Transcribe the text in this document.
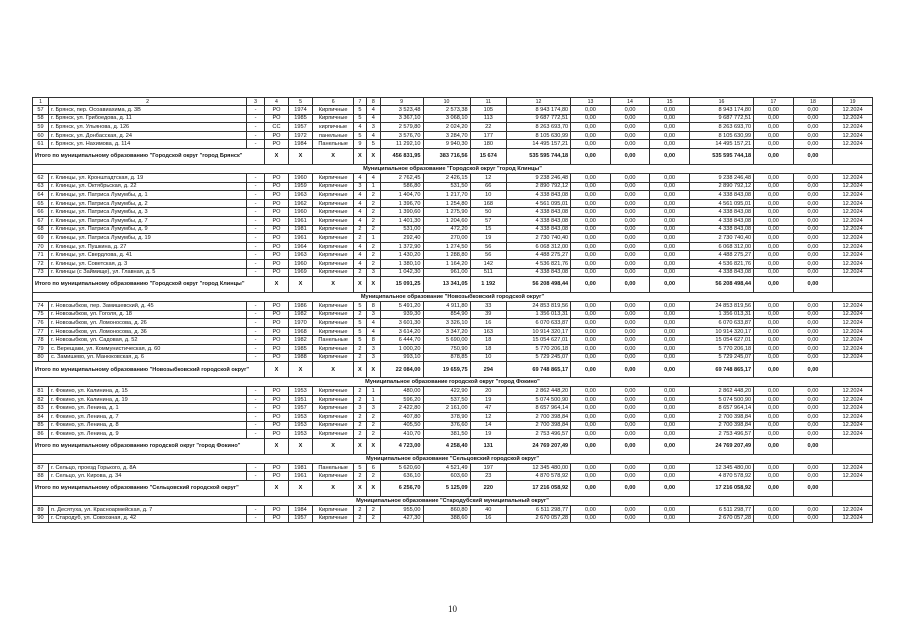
1	2	3	4	5	6	7	8	9	10	11	12	13	14	15	16	17	18	19
57	г. Брянск, пер. Осоавиахима, д. 3В	-	РО	1974	Кирпичные	5	4	3 523,48	2 573,38	105	8 943 174,80	0,00	0,00	0,00	8 943 174,80	0,00	0,00	12.2024
58	г. Брянск, ул. Грибоедова, д. 11	-	РО	1985	Кирпичные	5	4	3 367,10	3 068,10	113	9 687 772,51	0,00	0,00	0,00	9 687 772,51	0,00	0,00	12.2024
59	г. Брянск, ул. Ульянова, д. 126	-	СС	1957	кирпичные	4	3	2 579,80	2 024,20	22	8 263 693,70	0,00	0,00	0,00	8 263 693,70	0,00	0,00	12.2024
60	г. Брянск, ул. Донбасская, д. 24	-	РО	1972	панельные	5	4	3 576,70	3 284,70	177	8 105 630,99	0,00	0,00	0,00	8 105 630,99	0,00	0,00	12.2024
61	г. Брянск, ул. Нахимова, д. 114	-	РО	1984	Панельные	9	5	11 292,10	9 940,30	180	14 495 157,21	0,00	0,00	0,00	14 495 157,21	0,00	0,00	12.2024
Итого по муниципальному образованию "Городской округ "город Брянск"			Х	Х	Х	Х	Х	456 831,95	383 716,56	15 674	535 595 744,18	0,00	0,00	0,00	535 595 744,18	0,00	0,00	
Муниципальное образование "Городской округ "город Клинцы"																		
62	г. Клинцы, ул. Кронштадтская, д. 19	-	РО	1960	Кирпичные	4	4	2 762,45	2 426,15	12	9 238 246,48	0,00	0,00	0,00	9 238 246,48	0,00	0,00	12.2024
63	г. Клинцы, ул. Октябрьская, д. 22	-	РО	1959	Кирпичные	3	1	586,80	531,50	66	2 890 792,12	0,00	0,00	0,00	2 890 792,12	0,00	0,00	12.2024
64	г. Клинцы, ул. Патриса Лумумбы, д. 1	-	РО	1963	Кирпичные	4	2	1 404,70	1 217,70	10	4 338 843,08	0,00	0,00	0,00	4 338 843,08	0,00	0,00	12.2024
65	г. Клинцы, ул. Патриса Лумумбы, д. 2	-	РО	1962	Кирпичные	4	2	1 396,70	1 254,80	168	4 561 095,01	0,00	0,00	0,00	4 561 095,01	0,00	0,00	12.2024
66	г. Клинцы, ул. Патриса Лумумбы, д. 3	-	РО	1960	Кирпичные	4	2	1 390,60	1 275,90	50	4 338 843,08	0,00	0,00	0,00	4 338 843,08	0,00	0,00	12.2024
67	г. Клинцы, ул. Патриса Лумумбы, д. 7	-	РО	1961	Кирпичные	4	2	1 401,30	1 204,60	57	4 338 843,08	0,00	0,00	0,00	4 338 843,08	0,00	0,00	12.2024
68	г. Клинцы, ул. Патриса Лумумбы, д. 9	-	РО	1981	Кирпичные	2	2	531,00	472,20	15	4 338 843,08	0,00	0,00	0,00	4 338 843,08	0,00	0,00	12.2024
69	г. Клинцы, ул. Патриса Лумумбы, д. 19	-	РО	1961	Кирпичные	2	1	292,40	270,00	19	2 730 740,40	0,00	0,00	0,00	2 730 740,40	0,00	0,00	12.2024
70	г. Клинцы, ул. Пушкина, д. 27	-	РО	1964	Кирпичные	4	2	1 372,90	1 274,50	56	6 068 312,00	0,00	0,00	0,00	6 068 312,00	0,00	0,00	12.2024
71	г. Клинцы, ул. Свердлова, д. 41	-	РО	1963	Кирпичные	4	2	1 430,20	1 288,80	56	4 488 275,27	0,00	0,00	0,00	4 488 275,27	0,00	0,00	12.2024
72	г. Клинцы, ул. Советская, д. 3	-	РО	1960	Кирпичные	4	2	1 380,10	1 164,20	142	4 536 821,76	0,00	0,00	0,00	4 536 821,76	0,00	0,00	12.2024
73	г. Клинцы (с Займище), ул. Главная, д. 5	-	РО	1969	Кирпичные	2	3	1 042,30	961,00	511	4 338 843,08	0,00	0,00	0,00	4 338 843,08	0,00	0,00	12.2024
Итого по муниципальному образованию "Городской округ "город Клинцы"			Х	Х	Х	Х	Х	15 091,25	13 341,05	1 192	56 208 498,44	0,00	0,00	0,00	56 208 498,44	0,00	0,00	
Муниципальное образование "Новозыбковский городской округ"																		
74	г. Новозыбков, пер. Замишевский, д. 45	-	РО	1986	Кирпичные	5	8	5 491,20	4 911,80	33	24 853 819,56	0,00	0,00	0,00	24 853 819,56	0,00	0,00	12.2024
75	г. Новозыбков, ул. Гоголя, д. 18	-	РО	1982	Кирпичные	2	3	939,30	854,90	39	1 356 013,31	0,00	0,00	0,00	1 356 013,31	0,00	0,00	12.2024
76	г. Новозыбков, ул. Ломоносова, д. 26	-	РО	1970	Кирпичные	5	4	3 601,30	3 326,10	16	6 070 633,87	0,00	0,00	0,00	6 070 633,87	0,00	0,00	12.2024
77	г. Новозыбков, ул. Ломоносова, д. 36	-	РО	1968	Кирпичные	5	4	3 614,20	3 347,20	163	10 914 320,17	0,00	0,00	0,00	10 914 320,17	0,00	0,00	12.2024
78	г. Новозыбков, ул. Садовая, д. 52	-	РО	1982	Панельные	5	8	6 444,70	5 690,00	18	15 054 627,01	0,00	0,00	0,00	15 054 627,01	0,00	0,00	12.2024
79	с. Верещаки, ул. Коммунистическая, д. 60	-	РО	1985	Кирпичные	2	3	1 000,20	750,90	18	5 770 206,18	0,00	0,00	0,00	5 770 206,18	0,00	0,00	12.2024
80	с. Замишево, ул. Манюковская, д. 6	-	РО	1988	Кирпичные	2	3	993,10	878,85	10	5 729 245,07	0,00	0,00	0,00	5 729 245,07	0,00	0,00	12.2024
Итого по муниципальному образованию "Новозыбковский городской округ"			Х	Х	Х	Х	Х	22 084,00	19 659,75	294	69 748 865,17	0,00	0,00	0,00	69 748 865,17	0,00	0,00	
Муниципальное образование городской округ "город Фокино"																		
81	г. Фокино, ул. Калинина, д. 15	-	РО	1953	Кирпичные	2	1	480,00	422,90	20	2 862 448,20	0,00	0,00	0,00	2 862 448,20	0,00	0,00	12.2024
82	г. Фокино, ул. Калинина, д. 19	-	РО	1951	Кирпичные	2	1	596,20	537,50	19	5 074 500,90	0,00	0,00	0,00	5 074 500,90	0,00	0,00	12.2024
83	г. Фокино, ул. Ленина, д. 1	-	РО	1957	Кирпичные	3	3	2 422,80	2 161,00	47	8 657 964,14	0,00	0,00	0,00	8 657 964,14	0,00	0,00	12.2024
84	г. Фокино, ул. Ленина, д. 7	-	РО	1953	Кирпичные	2	2	407,80	378,90	12	2 700 398,84	0,00	0,00	0,00	2 700 398,84	0,00	0,00	12.2024
85	г. Фокино, ул. Ленина, д. 8	-	РО	1953	Кирпичные	2	2	405,50	376,60	14	2 700 398,84	0,00	0,00	0,00	2 700 398,84	0,00	0,00	12.2024
86	г. Фокино, ул. Ленина, д. 9	-	РО	1953	Кирпичные	2	2	410,70	381,50	19	2 753 496,57	0,00	0,00	0,00	2 753 496,57	0,00	0,00	12.2024
Итого по муниципальному образованию городской округ "город Фокино"			Х	Х	Х	Х	Х	4 723,00	4 258,40	131	24 769 207,49	0,00	0,00	0,00	24 769 207,49	0,00	0,00	
Муниципальное образование "Сельцовский городской округ"																		
87	г. Сельцо, проезд Горького, д. 8А	-	РО	1981	Панельные	5	6	5 620,60	4 521,49	197	12 345 480,00	0,00	0,00	0,00	12 345 480,00	0,00	0,00	12.2024
88	г. Сельцо, ул. Кирова, д. 34	-	РО	1961	Кирпичные	2	2	636,10	603,60	23	4 870 578,92	0,00	0,00	0,00	4 870 578,92	0,00	0,00	12.2024
Итого по муниципальному образованию "Сельцовский городской округ"			Х	Х	Х	Х	Х	6 256,70	5 125,09	220	17 216 058,92	0,00	0,00	0,00	17 216 058,92	0,00	0,00	
Муниципальное образование "Стародубский муниципальный округ"																		
89	п. Десятуха, ул. Красноармейская, д. 7	-	РО	1984	Кирпичные	2	2	955,00	860,80	40	6 511 298,77	0,00	0,00	0,00	6 511 298,77	0,00	0,00	12.2024
90	г. Стародуб, ул. Совхозная, д. 42	-	РО	1957	Кирпичные	2	2	427,30	388,60	16	2 670 057,28	0,00	0,00	0,00	2 670 057,28	0,00	0,00	12.2024
10
